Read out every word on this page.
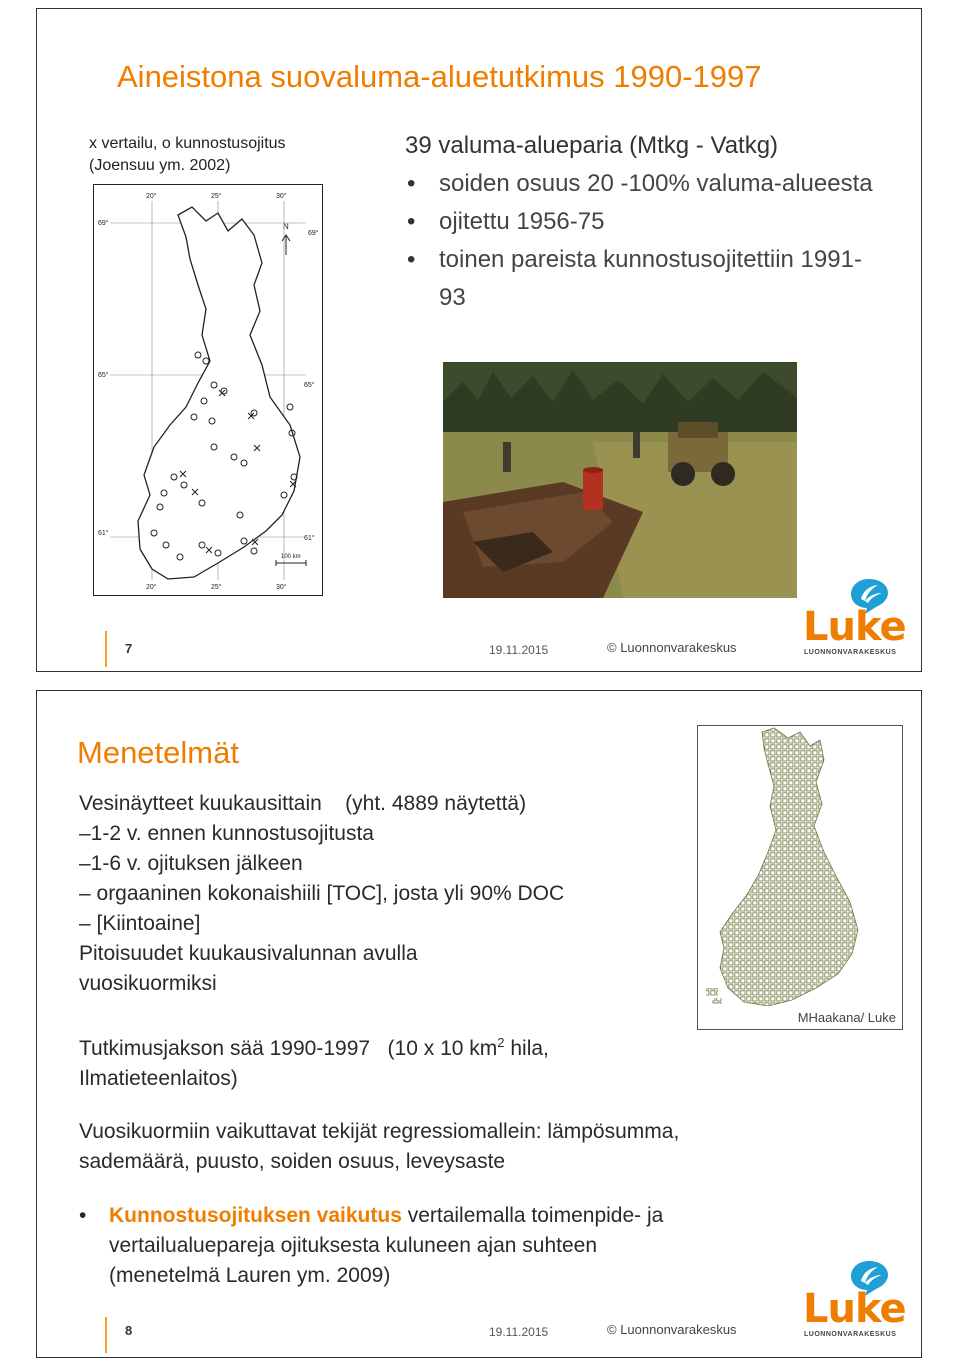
Aineistona suovaluma-aluetutkimus 1990-1997
x vertailu, o kunnostusojitus
(Joensuu ym. 2002)
39 valuma-alueparia (Mtkg - Vatkg)
• soiden osuus 20 -100% valuma-alueesta
• ojitettu 1956-75
• toinen pareista kunnostusojitettiin 1991-93
20°	25°	30°
20°	25°	30°
69°
69°
65°
65°
61°
61°
N
100 km
7	19.11.2015	© Luonnonvarakeskus Luke
LUONNONVARAKESKUS
Menetelmät
Vesinäytteet kuukausittain    (yht. 4889 näytettä)
–1-2 v. ennen kunnostusojitusta
–1-6 v. ojituksen jälkeen
– orgaaninen kokonaishiili [TOC], josta yli 90% DOC
– [Kiintoaine]
Pitoisuudet kuukausivalunnan avulla
vuosikuormiksi
Tutkimusjakson sää 1990-1997   (10 x 10 $km^2$ hila,
Ilmatieteenlaitos)
Vuosikuormiin vaikuttavat tekijät regressiomallein: lämpösumma,
sademäärä, puusto, soiden osuus, leveysaste
• Kunnostusojituksen vaikutus vertailemalla toimenpide- ja
vertailualuepareja ojituksesta kuluneen ajan suhteen
(menetelmä Lauren ym. 2009)
MHaakana/ Luke
8	19.11.2015	© Luonnonvarakeskus Luke
LUONNONVARAKESKUS
